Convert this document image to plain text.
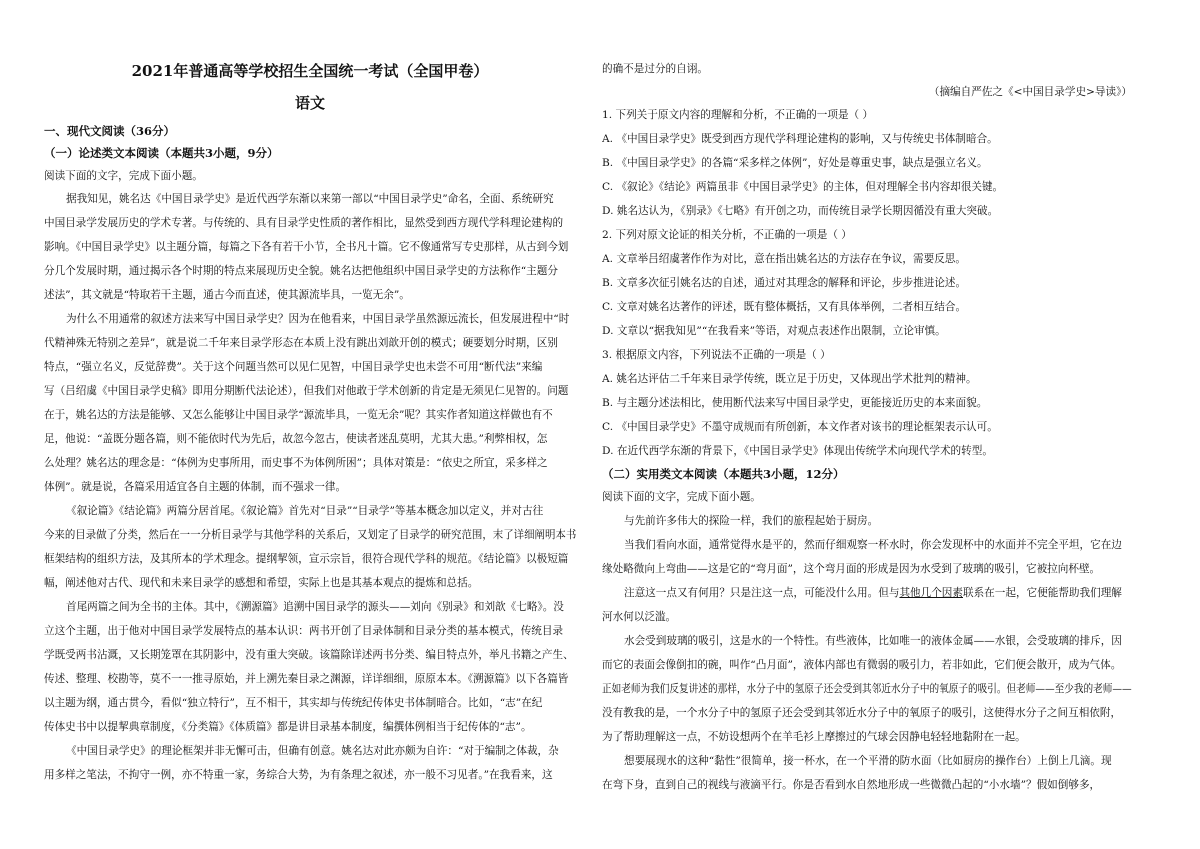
2021年普通高等学校招生全国统一考试（全国甲卷）
语文
一、现代文阅读（36分）
（一）论述类文本阅读（本题共3小题，9分）
阅读下面的文字，完成下面小题。
据我知见，姚名达《中国目录学史》是近代西学东渐以来第一部以“中国目录学史”命名，全面、系统研究
中国目录学发展历史的学术专著。与传统的、具有目录学史性质的著作相比，显然受到西方现代学科理论建构的
影响。《中国目录学史》以主题分篇，每篇之下各有若干小节，全书凡十篇。它不像通常写专史那样，从古到今划
分几个发展时期，通过揭示各个时期的特点来展现历史全貌。姚名达把他组织中国目录学史的方法称作“主题分
述法”，其文就是“特取若干主题，通古今而直述，使其源流毕具，一览无余”。
为什么不用通常的叙述方法来写中国目录学史？因为在他看来，中国目录学虽然源远流长，但发展进程中“时
代精神殊无特别之差异”，就是说二千年来目录学形态在本质上没有跳出刘歆开创的模式；硬要划分时期，区别
特点，“强立名义，反觉辞费”。关于这个问题当然可以见仁见智，中国目录学史也未尝不可用“断代法”来编
写（吕绍虞《中国目录学史稿》即用分期断代法论述），但我们对他敢于学术创新的肯定是无须见仁见智的。问题
在于，姚名达的方法是能够、又怎么能够让中国目录学“源流毕具，一览无余”呢？其实作者知道这样做也有不
足，他说：“盖既分题各篇，则不能依时代为先后，故忽今忽古，使读者迷乱莫明，尤其大患。”利弊相权，怎
么处理？姚名达的理念是：“体例为史事所用，而史事不为体例所困”；具体对策是：“依史之所宜，采多样之
体例”。就是说，各篇采用适宜各自主题的体制，而不强求一律。
《叙论篇》《结论篇》两篇分居首尾。《叙论篇》首先对“目录”“目录学”等基本概念加以定义，并对古往
今来的目录做了分类，然后在一一分析目录学与其他学科的关系后，又划定了目录学的研究范围，末了详细阐明本书
框架结构的组织方法，及其所本的学术理念。提纲挈领，宣示宗旨，很符合现代学科的规范。《结论篇》以极短篇
幅，阐述他对古代、现代和未来目录学的感想和希望，实际上也是其基本观点的提炼和总括。
首尾两篇之间为全书的主体。其中，《溯源篇》追溯中国目录学的源头——刘向《别录》和刘歆《七略》。没
立这个主题，出于他对中国目录学发展特点的基本认识：两书开创了目录体制和目录分类的基本模式，传统目录
学既受两书沾溉，又长期笼罩在其阴影中，没有重大突破。该篇除详述两书分类、编目特点外，举凡书籍之产生、
传述、整理、校勘等，莫不一一推寻原始，并上溯先秦目录之渊源，详详细细，原原本本。《溯源篇》以下各篇皆
以主题为纲，通古贯今，看似“独立特行”，互不相干，其实却与传统纪传体史书体制暗合。比如，“志”在纪
传体史书中以提挈典章制度，《分类篇》《体质篇》都是讲目录基本制度，编撰体例相当于纪传体的“志”。
《中国目录学史》的理论框架并非无懈可击，但确有创意。姚名达对此亦颇为自许：“对于编制之体裁，杂
用多样之笔法，不拘守一例，亦不特重一家，务综合大势，为有条理之叙述，亦一般不习见者。”在我看来，这
的确不是过分的自诩。
（摘编自严佐之《<中国目录学史>导读》）
1. 下列关于原文内容的理解和分析，不正确的一项是（ ）
A. 《中国目录学史》既受到西方现代学科理论建构的影响，又与传统史书体制暗合。
B. 《中国目录学史》的各篇“采多样之体例”，好处是尊重史事，缺点是强立名义。
C. 《叙论》《结论》两篇虽非《中国目录学史》的主体，但对理解全书内容却很关键。
D. 姚名达认为，《别录》《七略》有开创之功，而传统目录学长期因循没有重大突破。
2. 下列对原文论证的相关分析，不正确的一项是（ ）
A. 文章举吕绍虞著作作为对比，意在指出姚名达的方法存在争议，需要反思。
B. 文章多次征引姚名达的自述，通过对其理念的解释和评论，步步推进论述。
C. 文章对姚名达著作的评述，既有整体概括，又有具体举例，二者相互结合。
D. 文章以“据我知见”“在我看来”等语，对观点表述作出限制，立论审慎。
3. 根据原文内容，下列说法不正确的一项是（ ）
A. 姚名达评估二千年来目录学传统，既立足于历史，又体现出学术批判的精神。
B. 与主题分述法相比，使用断代法来写中国目录学史，更能接近历史的本来面貌。
C. 《中国目录学史》不墨守成规而有所创新，本文作者对该书的理论框架表示认可。
D. 在近代西学东渐的背景下，《中国目录学史》体现出传统学术向现代学术的转型。
（二）实用类文本阅读（本题共3小题，12分）
阅读下面的文字，完成下面小题。
与先前许多伟大的探险一样，我们的旅程起始于厨房。
当我们看向水面，通常觉得水是平的，然而仔细观察一杯水时，你会发现杯中的水面并不完全平坦，它在边
缘处略微向上弯曲——这是它的“弯月面”，这个弯月面的形成是因为水受到了玻璃的吸引，它被拉向杯壁。
注意这一点又有何用？只是注这一点，可能没什么用。但与其他几个因素联系在一起，它便能帮助我们理解
河水何以泛滥。
水会受到玻璃的吸引，这是水的一个特性。有些液体，比如唯一的液体金属——水银，会受玻璃的排斥，因
而它的表面会像倒扣的碗，叫作“凸月面”，液体内部也有微弱的吸引力，若非如此，它们便会散开，成为气体。
正如老师为我们反复讲述的那样，水分子中的氢原子还会受到其邻近水分子中的氧原子的吸引。但老师——至少我的老师——
没有教我的是，一个水分子中的氢原子还会受到其邻近水分子中的氧原子的吸引，这使得水分子之间互相依附，
为了帮助理解这一点，不妨设想两个在羊毛衫上摩擦过的气球会因静电轻轻地黏附在一起。
想要展现水的这种“黏性”很简单，接一杯水，在一个平滑的防水面（比如厨房的操作台）上倒上几滴。现
在弯下身，直到自己的视线与液滴平行。你是否看到水自然地形成一些微微凸起的“小水墙”？假如倒够多，
